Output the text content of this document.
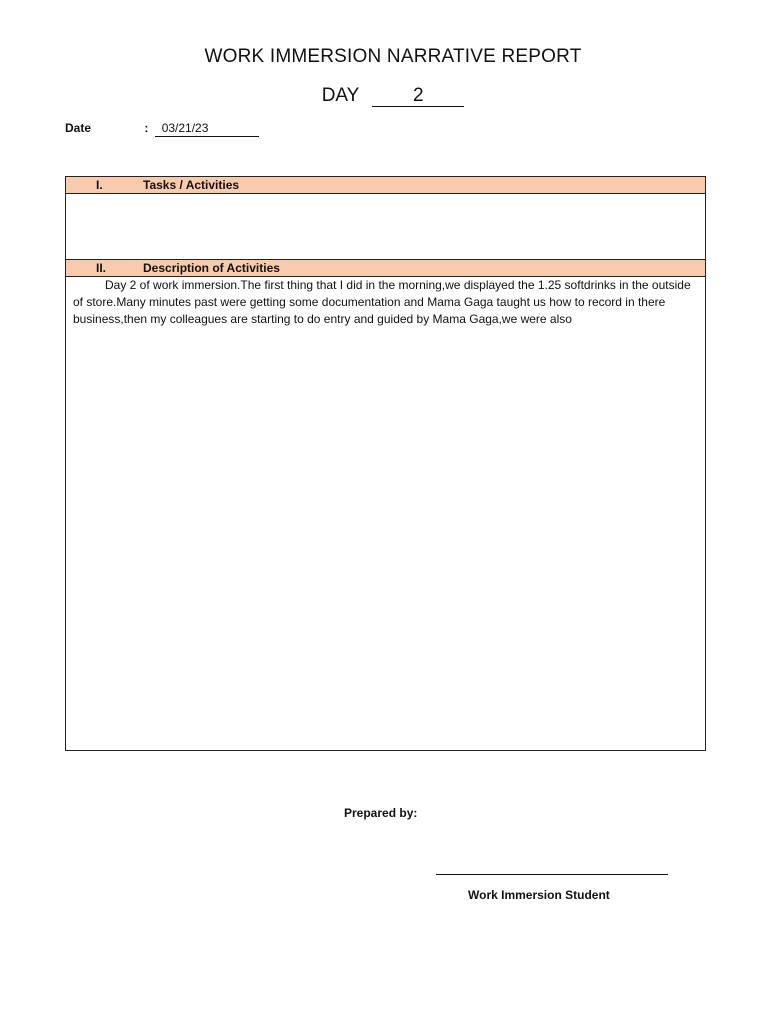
WORK IMMERSION NARRATIVE REPORT
DAY	2
Date	: 03/21/23
I.	Tasks / Activities
II.	Description of Activities
Day 2 of work immersion.The first thing that I did in the morning,we displayed the 1.25 softdrinks in the outside of store.Many minutes past were getting some documentation and Mama Gaga taught us how to record in there business,then my colleagues are starting to do entry and guided by Mama Gaga,we were also
Prepared by:
Work Immersion Student
